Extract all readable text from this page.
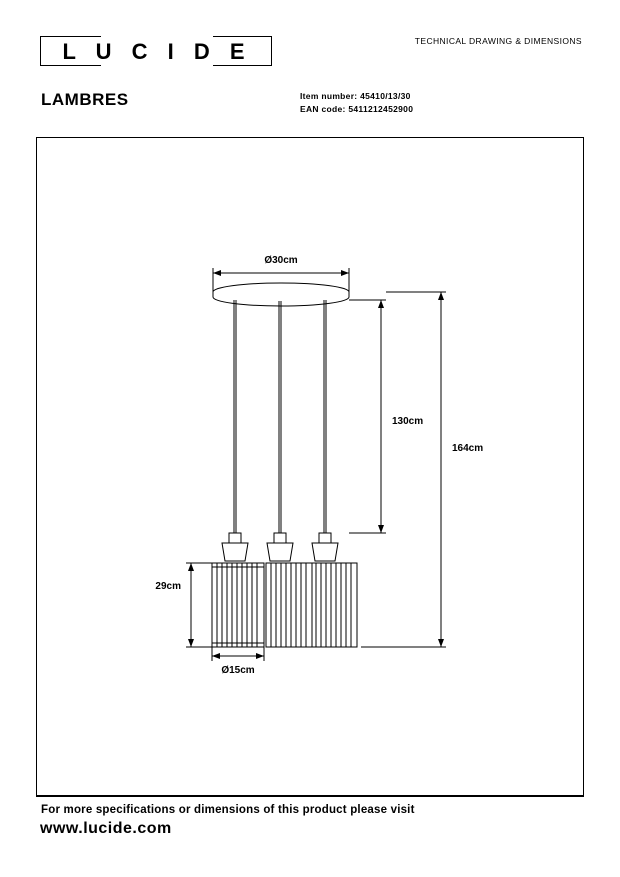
L U C I D E	TECHNICAL DRAWING & DIMENSIONS
LAMBRES	Item number: 45410/13/30
EAN code: 5411212452900
Ø30cm
130cm
164cm
29cm
Ø15cm
For more specifications or dimensions of this product please visit
www.lucide.com
